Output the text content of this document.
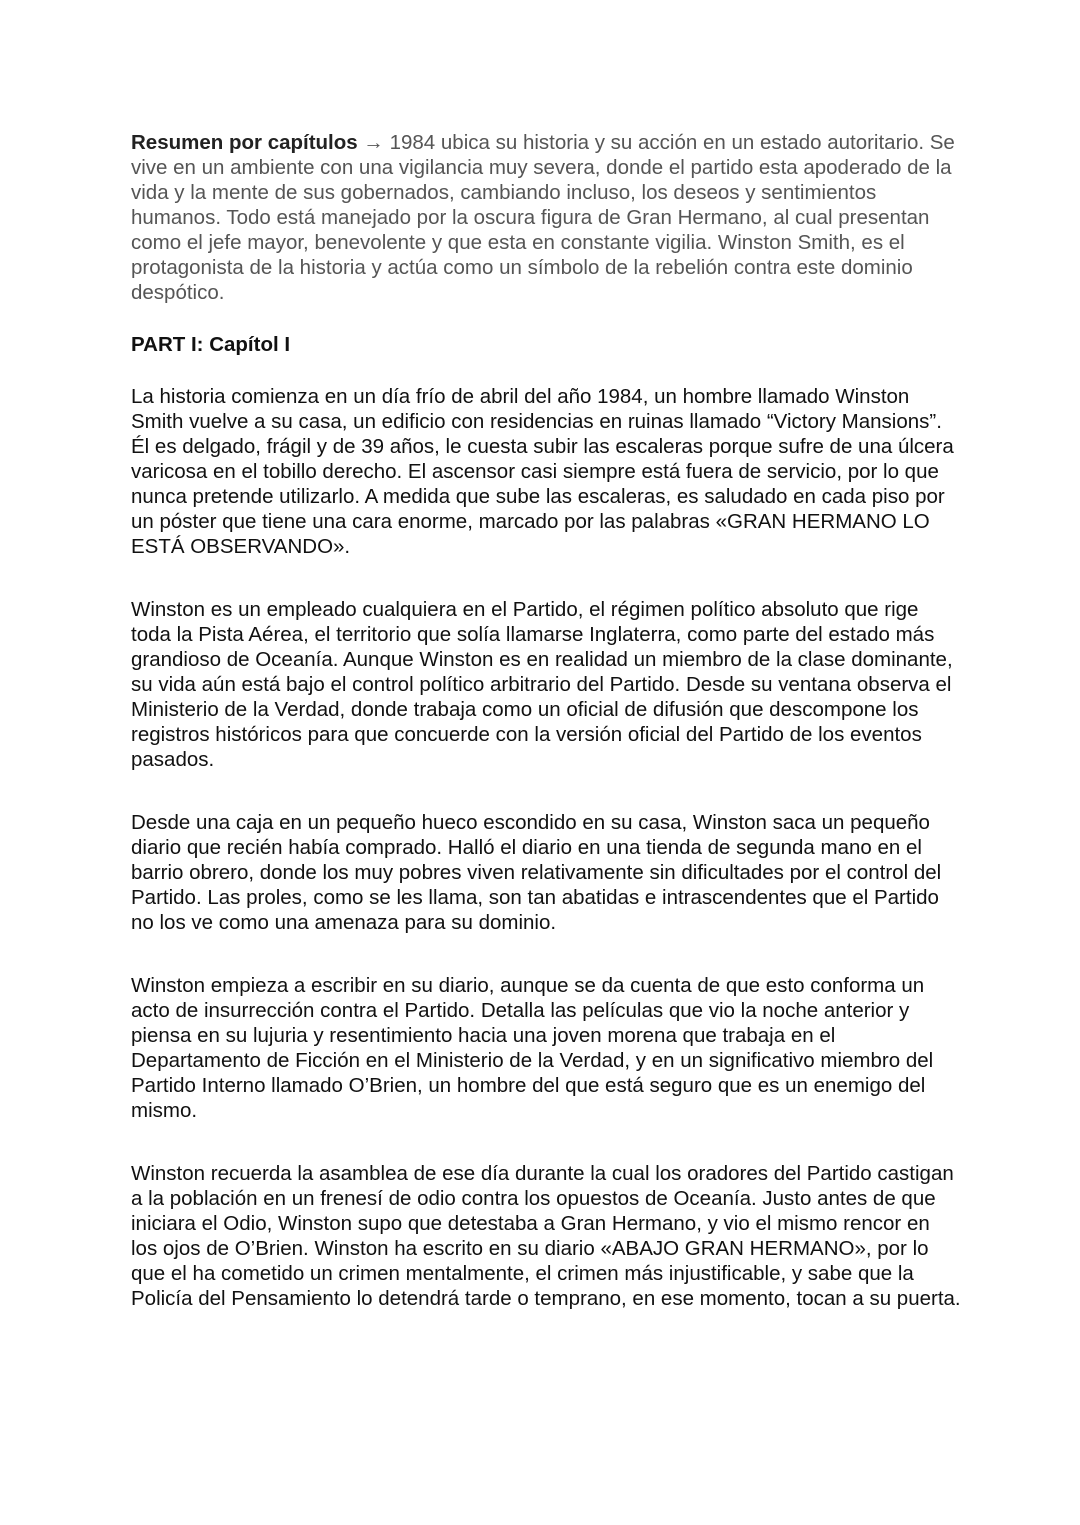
Resumen por capítulos → 1984 ubica su historia y su acción en un estado autoritario. Se vive en un ambiente con una vigilancia muy severa, donde el partido esta apoderado de la vida y la mente de sus gobernados, cambiando incluso, los deseos y sentimientos humanos. Todo está manejado por la oscura figura de Gran Hermano, al cual presentan como el jefe mayor, benevolente y que esta en constante vigilia. Winston Smith, es el protagonista de la historia y actúa como un símbolo de la rebelión contra este dominio despótico.

PART I: Capítol I

La historia comienza en un día frío de abril del año 1984, un hombre llamado Winston Smith vuelve a su casa, un edificio con residencias en ruinas llamado “Victory Mansions”. Él es delgado, frágil y de 39 años, le cuesta subir las escaleras porque sufre de una úlcera varicosa en el tobillo derecho. El ascensor casi siempre está fuera de servicio, por lo que nunca pretende utilizarlo. A medida que sube las escaleras, es saludado en cada piso por un póster que tiene una cara enorme, marcado por las palabras «GRAN HERMANO LO ESTÁ OBSERVANDO».

Winston es un empleado cualquiera en el Partido, el régimen político absoluto que rige toda la Pista Aérea, el territorio que solía llamarse Inglaterra, como parte del estado más grandioso de Oceanía. Aunque Winston es en realidad un miembro de la clase dominante, su vida aún está bajo el control político arbitrario del Partido. Desde su ventana observa el Ministerio de la Verdad, donde trabaja como un oficial de difusión que descompone los registros históricos para que concuerde con la versión oficial del Partido de los eventos pasados.

Desde una caja en un pequeño hueco escondido en su casa, Winston saca un pequeño diario que recién había comprado. Halló el diario en una tienda de segunda mano en el barrio obrero, donde los muy pobres viven relativamente sin dificultades por el control del Partido. Las proles, como se les llama, son tan abatidas e intrascendentes que el Partido no los ve como una amenaza para su dominio.

Winston empieza a escribir en su diario, aunque se da cuenta de que esto conforma un acto de insurrección contra el Partido. Detalla las películas que vio la noche anterior y piensa en su lujuria y resentimiento hacia una joven morena que trabaja en el Departamento de Ficción en el Ministerio de la Verdad, y en un significativo miembro del Partido Interno llamado O’Brien, un hombre del que está seguro que es un enemigo del mismo.

Winston recuerda la asamblea de ese día durante la cual los oradores del Partido castigan a la población en un frenesí de odio contra los opuestos de Oceanía. Justo antes de que iniciara el Odio, Winston supo que detestaba a Gran Hermano, y vio el mismo rencor en los ojos de O’Brien. Winston ha escrito en su diario «ABAJO GRAN HERMANO», por lo que el ha cometido un crimen mentalmente, el crimen más injustificable, y sabe que la Policía del Pensamiento lo detendrá tarde o temprano, en ese momento, tocan a su puerta.
